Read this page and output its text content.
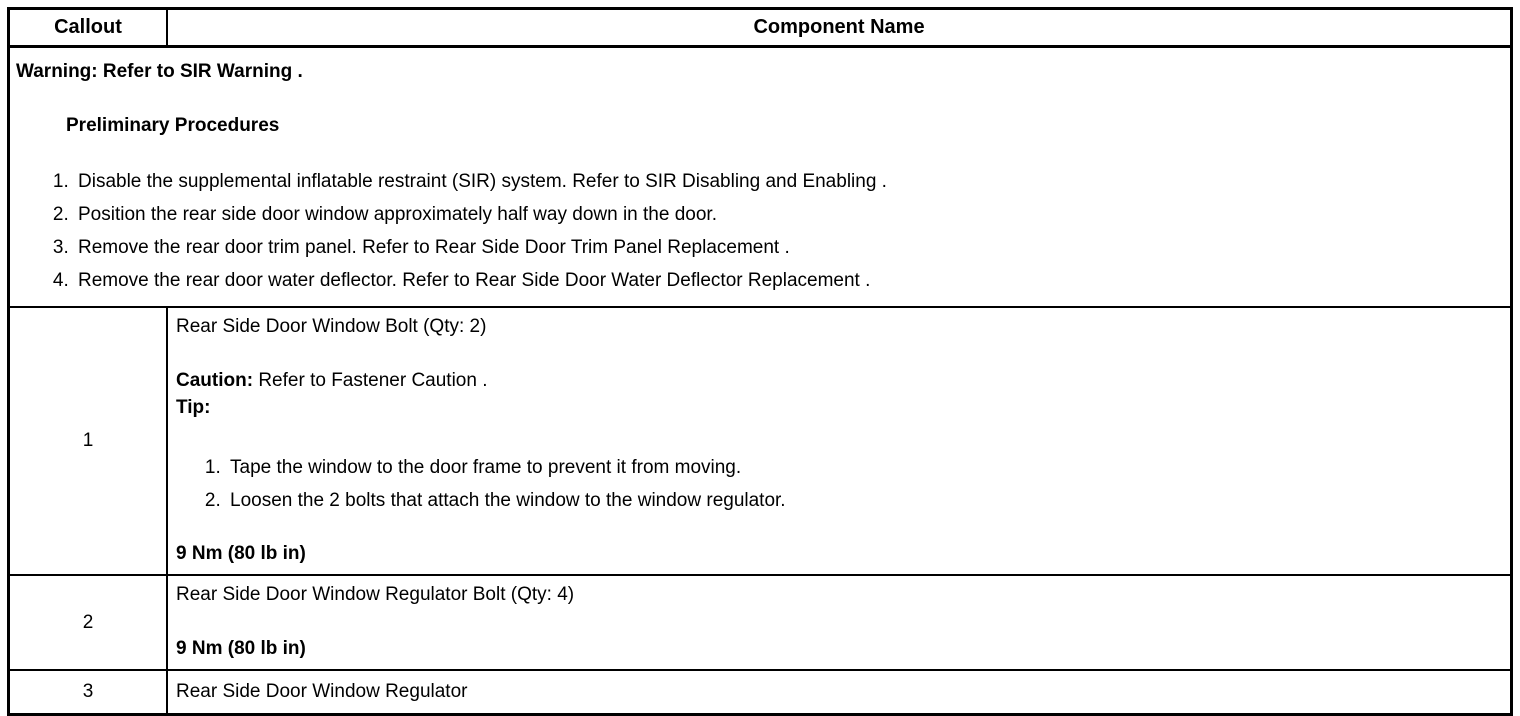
Callout	Component Name

Warning: Refer to SIR Warning .

Preliminary Procedures

1. Disable the supplemental inflatable restraint (SIR) system. Refer to SIR Disabling and Enabling .
2. Position the rear side door window approximately half way down in the door.
3. Remove the rear door trim panel. Refer to Rear Side Door Trim Panel Replacement .
4. Remove the rear door water deflector. Refer to Rear Side Door Water Deflector Replacement .
1

Rear Side Door Window Bolt (Qty: 2)

Caution: Refer to Fastener Caution .

Tip:

1. Tape the window to the door frame to prevent it from moving.
2. Loosen the 2 bolts that attach the window to the window regulator.

9 Nm (80 lb in)

2

Rear Side Door Window Regulator Bolt (Qty: 4)

9 Nm (80 lb in)

3	Rear Side Door Window Regulator
